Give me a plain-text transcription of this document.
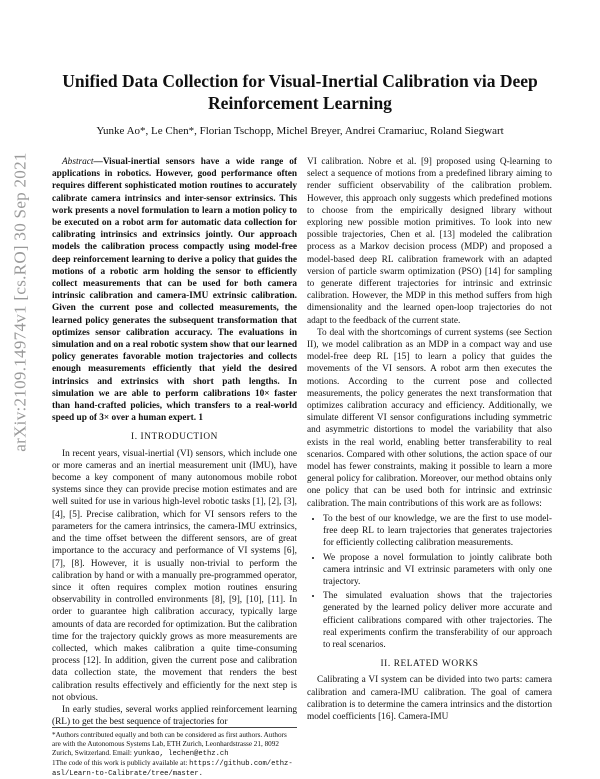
arXiv:2109.14974v1 [cs.RO] 30 Sep 2021
Unified Data Collection for Visual-Inertial Calibration via Deep Reinforcement Learning
Yunke Ao*, Le Chen*, Florian Tschopp, Michel Breyer, Andrei Cramariuc, Roland Siegwart

Abstract—Visual-inertial sensors have a wide range of applications in robotics. However, good performance often requires different sophisticated motion routines to accurately calibrate camera intrinsics and inter-sensor extrinsics. This work presents a novel formulation to learn a motion policy to be executed on a robot arm for automatic data collection for calibrating intrinsics and extrinsics jointly. Our approach models the calibration process compactly using model-free deep reinforcement learning to derive a policy that guides the motions of a robotic arm holding the sensor to efficiently collect measurements that can be used for both camera intrinsic calibration and camera-IMU extrinsic calibration. Given the current pose and collected measurements, the learned policy generates the subsequent transformation that optimizes sensor calibration accuracy. The evaluations in simulation and on a real robotic system show that our learned policy generates favorable motion trajectories and collects enough measurements efficiently that yield the desired intrinsics and extrinsics with short path lengths. In simulation we are able to perform calibrations 10× faster than hand-crafted policies, which transfers to a real-world speed up of 3× over a human expert. 1

I. INTRODUCTION

In recent years, visual-inertial (VI) sensors, which include one or more cameras and an inertial measurement unit (IMU), have become a key component of many autonomous mobile robot systems since they can provide precise motion estimates and are well suited for use in various high-level robotic tasks [1], [2], [3], [4], [5]. Precise calibration, which for VI sensors refers to the parameters for the camera intrinsics, the camera-IMU extrinsics, and the time offset between the different sensors, are of great importance to the accuracy and performance of VI systems [6], [7], [8]. However, it is usually non-trivial to perform the calibration by hand or with a manually pre-programmed operator, since it often requires complex motion routines ensuring observability in controlled environments [8], [9], [10], [11]. In order to guarantee high calibration accuracy, typically large amounts of data are recorded for optimization. But the calibration time for the trajectory quickly grows as more measurements are collected, which makes calibration a quite time-consuming process [12]. In addition, given the current pose and calibration data collection state, the movement that renders the best calibration results effectively and efficiently for the next step is not obvious.

In early studies, several works applied reinforcement learning (RL) to get the best sequence of trajectories for

*Authors contributed equally and both can be considered as first authors. Authors are with the Autonomous Systems Lab, ETH Zurich, Leonhardstrasse 21, 8092 Zurich, Switzerland. Email: yunkao, lechen@ethz.ch
1The code of this work is publicly available at: https://github.com/ethz-asl/Learn-to-Calibrate/tree/master.

VI calibration. Nobre et al. [9] proposed using Q-learning to select a sequence of motions from a predefined library aiming to render sufficient observability of the calibration problem. However, this approach only suggests which predefined motions to choose from the empirically designed library without exploring new possible motion primitives. To look into new possible trajectories, Chen et al. [13] modeled the calibration process as a Markov decision process (MDP) and proposed a model-based deep RL calibration framework with an adapted version of particle swarm optimization (PSO) [14] for sampling to generate different trajectories for intrinsic and extrinsic calibration. However, the MDP in this method suffers from high dimensionality and the learned open-loop trajectories do not adapt to the feedback of the current state.

To deal with the shortcomings of current systems (see Section II), we model calibration as an MDP in a compact way and use model-free deep RL [15] to learn a policy that guides the movements of the VI sensors. A robot arm then executes the motions. According to the current pose and collected measurements, the policy generates the next transformation that optimizes calibration accuracy and efficiency. Additionally, we simulate different VI sensor configurations including symmetric and asymmetric distortions to model the variability that also exists in the real world, enabling better transferability to real scenarios. Compared with other solutions, the action space of our model has fewer constraints, making it possible to learn a more general policy for calibration. Moreover, our method obtains only one policy that can be used both for intrinsic and extrinsic calibration. The main contributions of this work are as follows:

• To the best of our knowledge, we are the first to use model-free deep RL to learn trajectories that generates trajectories for efficiently collecting calibration measurements.
• We propose a novel formulation to jointly calibrate both camera intrinsic and VI extrinsic parameters with only one trajectory.
• The simulated evaluation shows that the trajectories generated by the learned policy deliver more accurate and efficient calibrations compared with other trajectories. The real experiments confirm the transferability of our approach to real scenarios.
II. RELATED WORKS

Calibrating a VI system can be divided into two parts: camera calibration and camera-IMU calibration. The goal of camera calibration is to determine the camera intrinsics and the distortion model coefficients [16]. Camera-IMU
